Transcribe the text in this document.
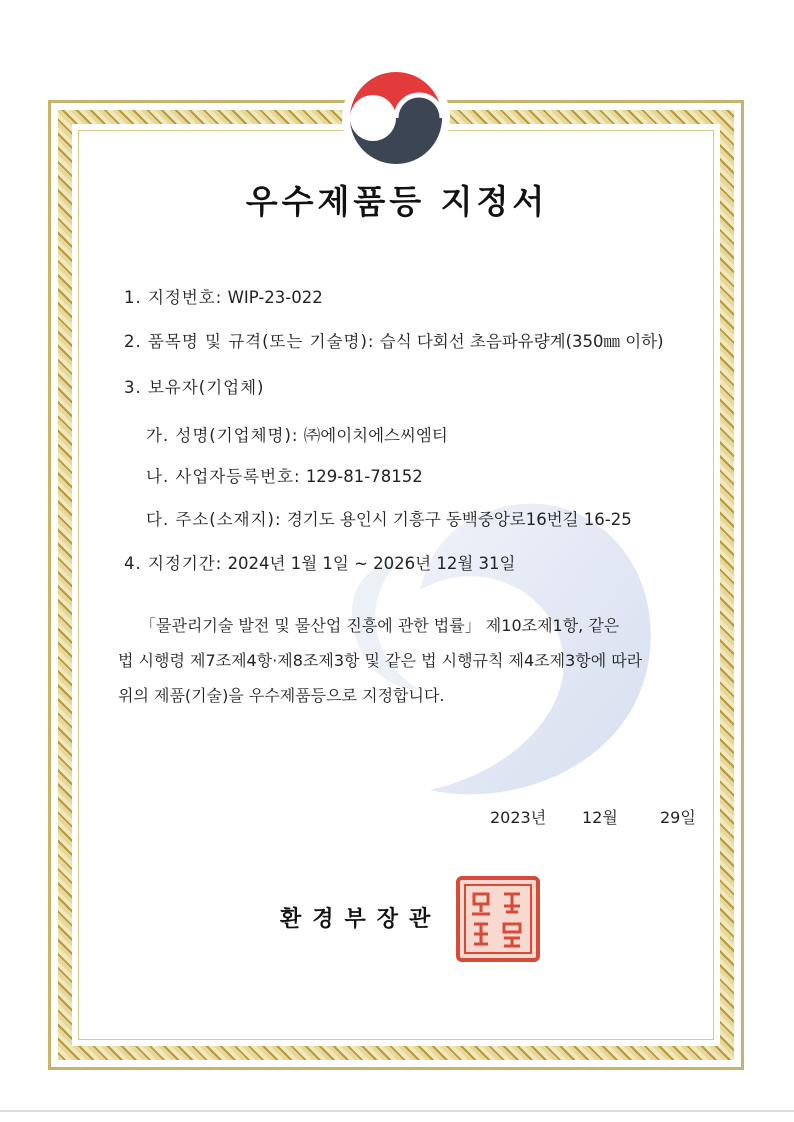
우수제품등 지정서
1. 지정번호: WIP-23-022
2. 품목명 및 규격(또는 기술명): 습식 다회선 초음파유량계(350㎜ 이하)
3. 보유자(기업체)
가. 성명(기업체명): ㈜에이치에스씨엠티
나. 사업자등록번호: 129-81-78152
다. 주소(소재지): 경기도 용인시 기흥구 동백중앙로16번길 16-25
4. 지정기간: 2024년 1월 1일 ~ 2026년 12월 31일

「물관리기술 발전 및 물산업 진흥에 관한 법률」 제10조제1항, 같은

법 시행령 제7조제4항·제8조제3항 및 같은 법 시행규칙 제4조제3항에 따라

위의 제품(기술)을 우수제품등으로 지정합니다.

2023년 12월	29일
환경부장관
